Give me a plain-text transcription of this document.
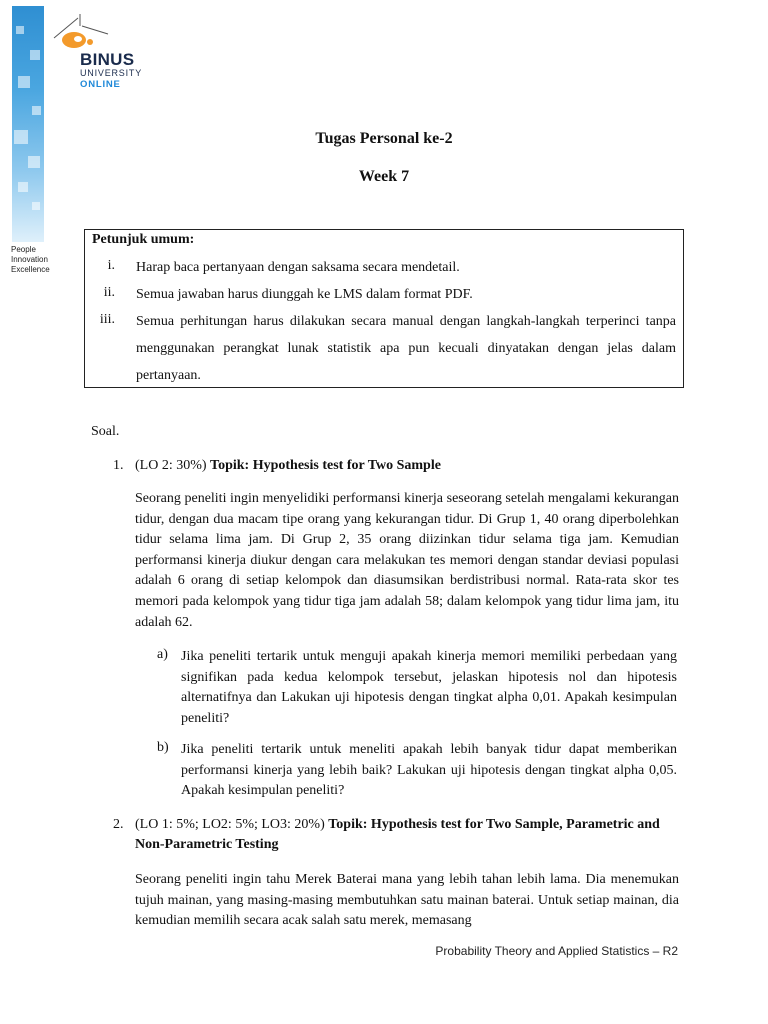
People
Innovation
Excellence
BINUS
UNIVERSITY
ONLINE
Tugas Personal ke-2
Week 7
Petunjuk umum:
i. Harap baca pertanyaan dengan saksama secara mendetail.
ii. Semua jawaban harus diunggah ke LMS dalam format PDF.
iii. Semua perhitungan harus dilakukan secara manual dengan langkah-langkah terperinci tanpa menggunakan perangkat lunak statistik apa pun kecuali dinyatakan dengan jelas dalam pertanyaan.
Soal.
1. (LO 2: 30%) Topik: Hypothesis test for Two Sample
Seorang peneliti ingin menyelidiki performansi kinerja seseorang setelah mengalami kekurangan tidur, dengan dua macam tipe orang yang kekurangan tidur. Di Grup 1, 40 orang diperbolehkan tidur selama lima jam. Di Grup 2, 35 orang diizinkan tidur selama tiga jam. Kemudian performansi kinerja diukur dengan cara melakukan tes memori dengan standar deviasi populasi adalah 6 orang di setiap kelompok dan diasumsikan berdistribusi normal. Rata-rata skor tes memori pada kelompok yang tidur tiga jam adalah 58; dalam kelompok yang tidur lima jam, itu adalah 62.
a) Jika peneliti tertarik untuk menguji apakah kinerja memori memiliki perbedaan yang signifikan pada kedua kelompok tersebut, jelaskan hipotesis nol dan hipotesis alternatifnya dan Lakukan uji hipotesis dengan tingkat alpha 0,01. Apakah kesimpulan peneliti?
b) Jika peneliti tertarik untuk meneliti apakah lebih banyak tidur dapat memberikan performansi kinerja yang lebih baik? Lakukan uji hipotesis dengan tingkat alpha 0,05. Apakah kesimpulan peneliti?
2. (LO 1: 5%; LO2: 5%; LO3: 20%) Topik: Hypothesis test for Two Sample, Parametric and Non-Parametric Testing
Seorang peneliti ingin tahu Merek Baterai mana yang lebih tahan lebih lama. Dia menemukan tujuh mainan, yang masing-masing membutuhkan satu mainan baterai. Untuk setiap mainan, dia kemudian memilih secara acak salah satu merek, memasang
Probability Theory and Applied Statistics – R2
